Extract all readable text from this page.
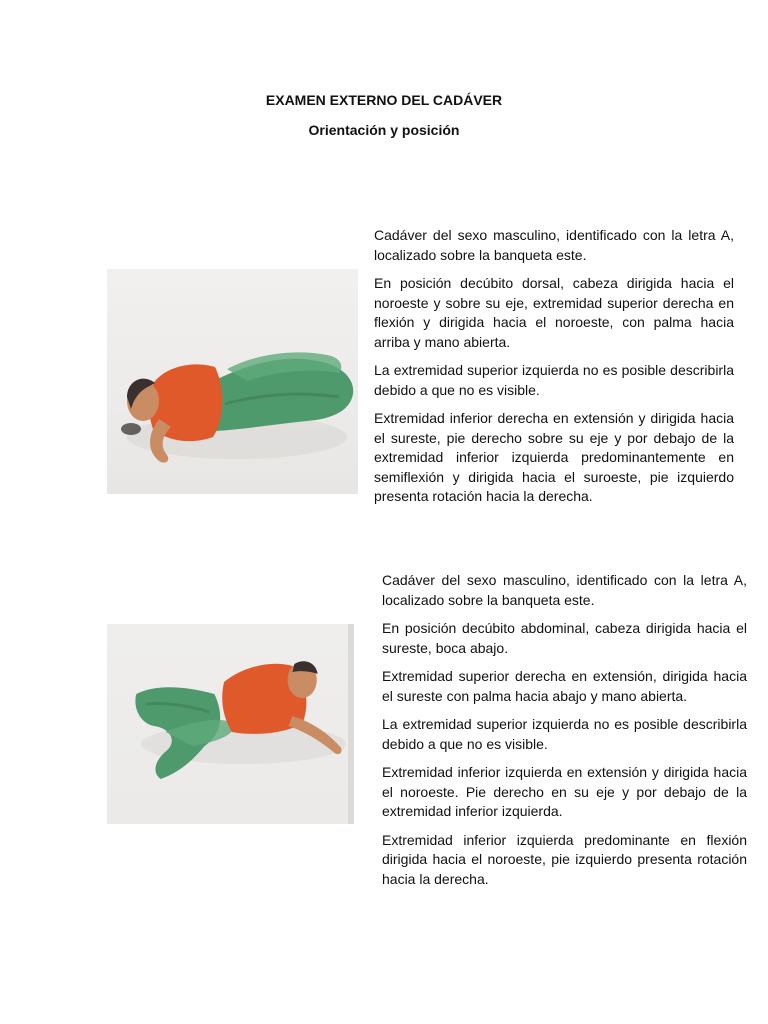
EXAMEN EXTERNO DEL CADÁVER
Orientación y posición

Cadáver del sexo masculino, identificado con la letra A, localizado sobre la banqueta este.

En posición decúbito dorsal, cabeza dirigida hacia el noroeste y sobre su eje, extremidad superior derecha en flexión y dirigida hacia el noroeste, con palma hacia arriba y mano abierta.

La extremidad superior izquierda no es posible describirla debido a que no es visible.

Extremidad inferior derecha en extensión y dirigida hacia el sureste, pie derecho sobre su eje y por debajo de la extremidad inferior izquierda predominantemente en semiflexión y dirigida hacia el suroeste, pie izquierdo presenta rotación hacia la derecha.

Cadáver del sexo masculino, identificado con la letra A, localizado sobre la banqueta este.

En posición decúbito abdominal, cabeza dirigida hacia el sureste, boca abajo.

Extremidad superior derecha en extensión, dirigida hacia el sureste con palma hacia abajo y mano abierta.

La extremidad superior izquierda no es posible describirla debido a que no es visible.

Extremidad inferior izquierda en extensión y dirigida hacia el noroeste. Pie derecho en su eje y por debajo de la extremidad inferior izquierda.

Extremidad inferior izquierda predominante en flexión dirigida hacia el noroeste, pie izquierdo presenta rotación hacia la derecha.
